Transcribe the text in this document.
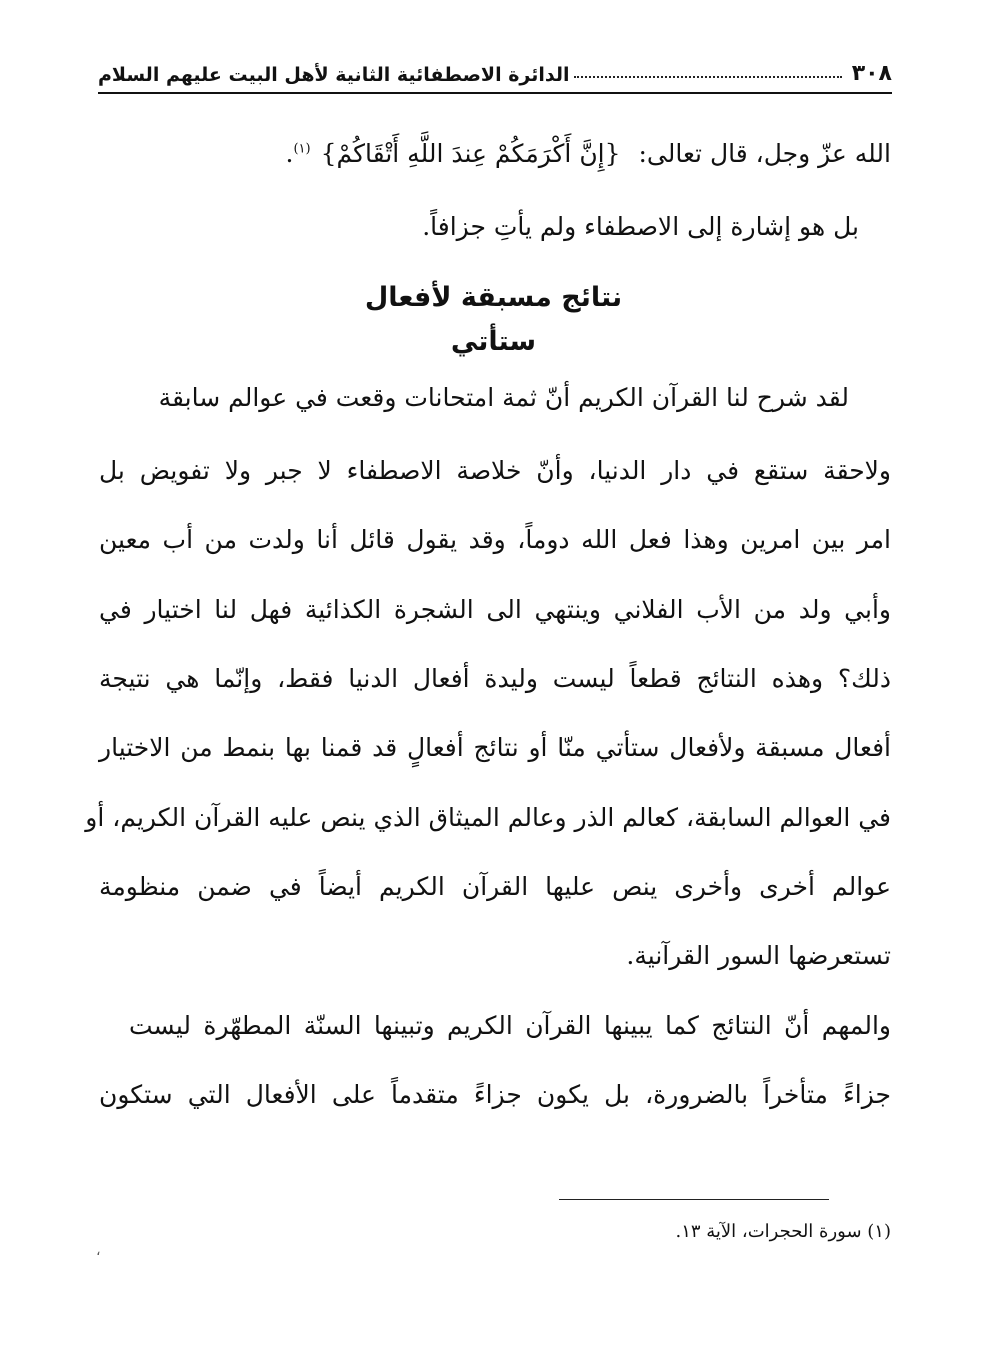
٣٠٨
الدائرة الاصطفائية الثانية لأهل البيت عليهم السلام
الله عزّ وجل، قال تعالى: {إِنَّ أَكْرَمَكُمْ عِندَ اللَّهِ أَتْقَاكُمْ}$^{(١)}$.
بل هو إشارة إلى الاصطفاء ولم يأتِ جزافاً.
نتائج مسبقة لأفعال
ستأتي
لقد شرح لنا القرآن الكريم أنّ ثمة امتحانات وقعت في عوالم سابقة
ولاحقة ستقع في دار الدنيا، وأنّ خلاصة الاصطفاء لا جبر ولا تفويض بل
امر بين امرين وهذا فعل الله دوماً، وقد يقول قائل أنا ولدت من أب معين
وأبي ولد من الأب الفلاني وينتهي الى الشجرة الكذائية فهل لنا اختيار في
ذلك؟ وهذه النتائج قطعاً ليست وليدة أفعال الدنيا فقط، وإنّما هي نتيجة
أفعال مسبقة ولأفعال ستأتي منّا أو نتائج أفعالٍ قد قمنا بها بنمط من الاختيار
في العوالم السابقة، كعالم الذر وعالم الميثاق الذي ينص عليه القرآن الكريم، أو
عوالم أخرى وأخرى ينص عليها القرآن الكريم أيضاً في ضمن منظومة
تستعرضها السور القرآنية.
والمهم أنّ النتائج كما يبينها القرآن الكريم وتبينها السنّة المطهّرة ليست
جزاءً متأخراً بالضرورة، بل يكون جزاءً متقدماً على الأفعال التي ستكون
(١) سورة الحجرات، الآية ١٣.
،
